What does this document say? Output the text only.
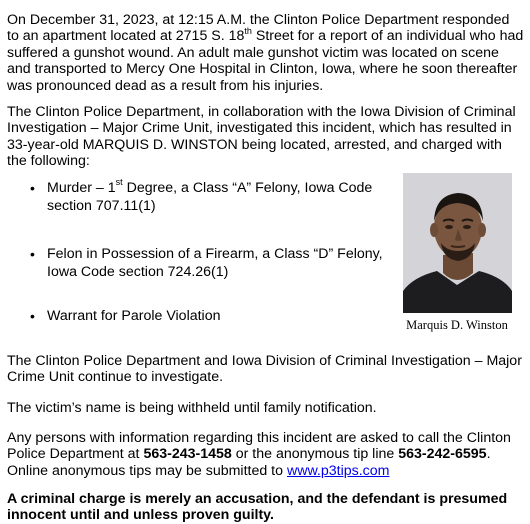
On December 31, 2023, at 12:15 A.M. the Clinton Police Department responded to an apartment located at 2715 S. 18th Street for a report of an individual who had suffered a gunshot wound. An adult male gunshot victim was located on scene and transported to Mercy One Hospital in Clinton, Iowa, where he soon thereafter was pronounced dead as a result from his injuries.

The Clinton Police Department, in collaboration with the Iowa Division of Criminal Investigation – Major Crime Unit, investigated this incident, which has resulted in 33-year-old MARQUIS D. WINSTON being located, arrested, and charged with the following:

• Murder – 1st Degree, a Class “A” Felony, Iowa Code section 707.11(1)
• Felon in Possession of a Firearm, a Class “D” Felony, Iowa Code section 724.26(1)
• Warrant for Parole Violation
Marquis D. Winston

The Clinton Police Department and Iowa Division of Criminal Investigation – Major Crime Unit continue to investigate.

The victim’s name is being withheld until family notification.

Any persons with information regarding this incident are asked to call the Clinton Police Department at 563-243-1458 or the anonymous tip line 563-242-6595. Online anonymous tips may be submitted to www.p3tips.com

A criminal charge is merely an accusation, and the defendant is presumed innocent until and unless proven guilty.
